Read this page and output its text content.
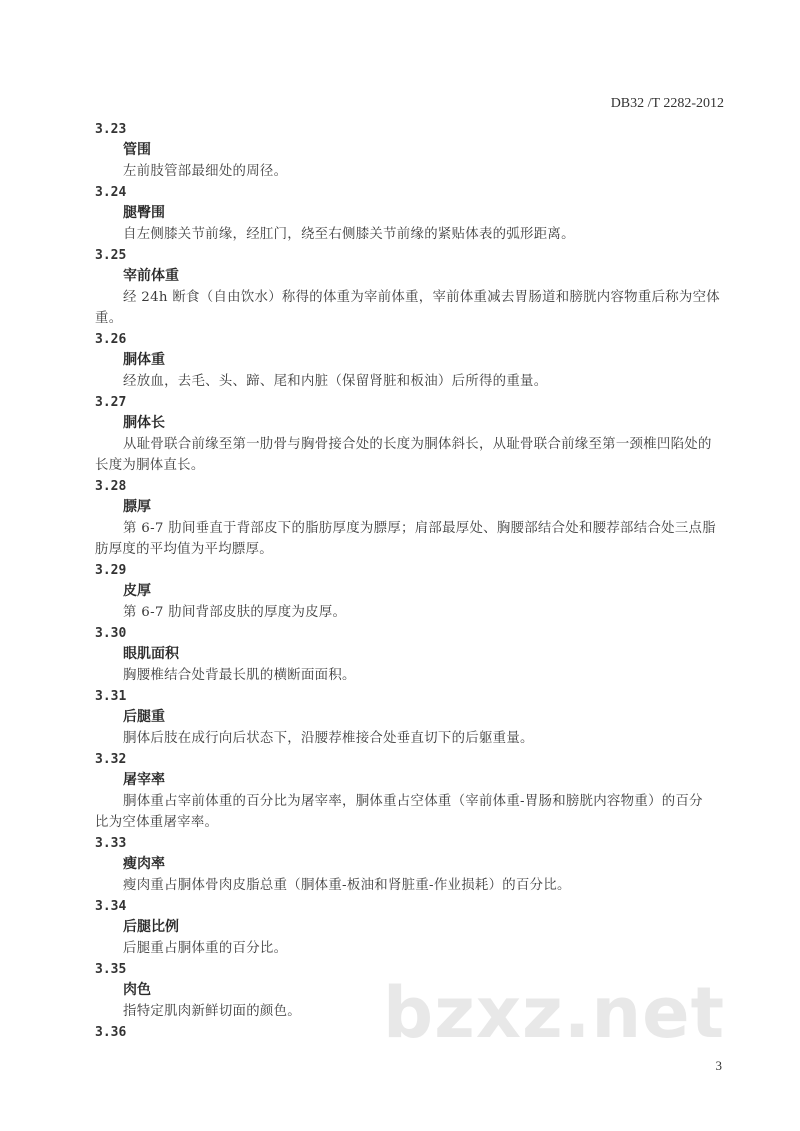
DB32 /T 2282-2012
3.23
管围
左前肢管部最细处的周径。
3.24
腿臀围
自左侧膝关节前缘，经肛门，绕至右侧膝关节前缘的紧贴体表的弧形距离。
3.25
宰前体重
经 24h 断食（自由饮水）称得的体重为宰前体重，宰前体重减去胃肠道和膀胱内容物重后称为空体
重。
3.26
胴体重
经放血，去毛、头、蹄、尾和内脏（保留肾脏和板油）后所得的重量。
3.27
胴体长
从耻骨联合前缘至第一肋骨与胸骨接合处的长度为胴体斜长，从耻骨联合前缘至第一颈椎凹陷处的
长度为胴体直长。
3.28
膘厚
第 6-7 肋间垂直于背部皮下的脂肪厚度为膘厚；肩部最厚处、胸腰部结合处和腰荐部结合处三点脂
肪厚度的平均值为平均膘厚。
3.29
皮厚
第 6-7 肋间背部皮肤的厚度为皮厚。
3.30
眼肌面积
胸腰椎结合处背最长肌的横断面面积。
3.31
后腿重
胴体后肢在成行向后状态下，沿腰荐椎接合处垂直切下的后躯重量。
3.32
屠宰率
胴体重占宰前体重的百分比为屠宰率，胴体重占空体重（宰前体重-胃肠和膀胱内容物重）的百分
比为空体重屠宰率。
3.33
瘦肉率
瘦肉重占胴体骨肉皮脂总重（胴体重-板油和肾脏重-作业损耗）的百分比。
3.34
后腿比例
后腿重占胴体重的百分比。
3.35
肉色
指特定肌肉新鲜切面的颜色。
3.36	bzxz.net
3
